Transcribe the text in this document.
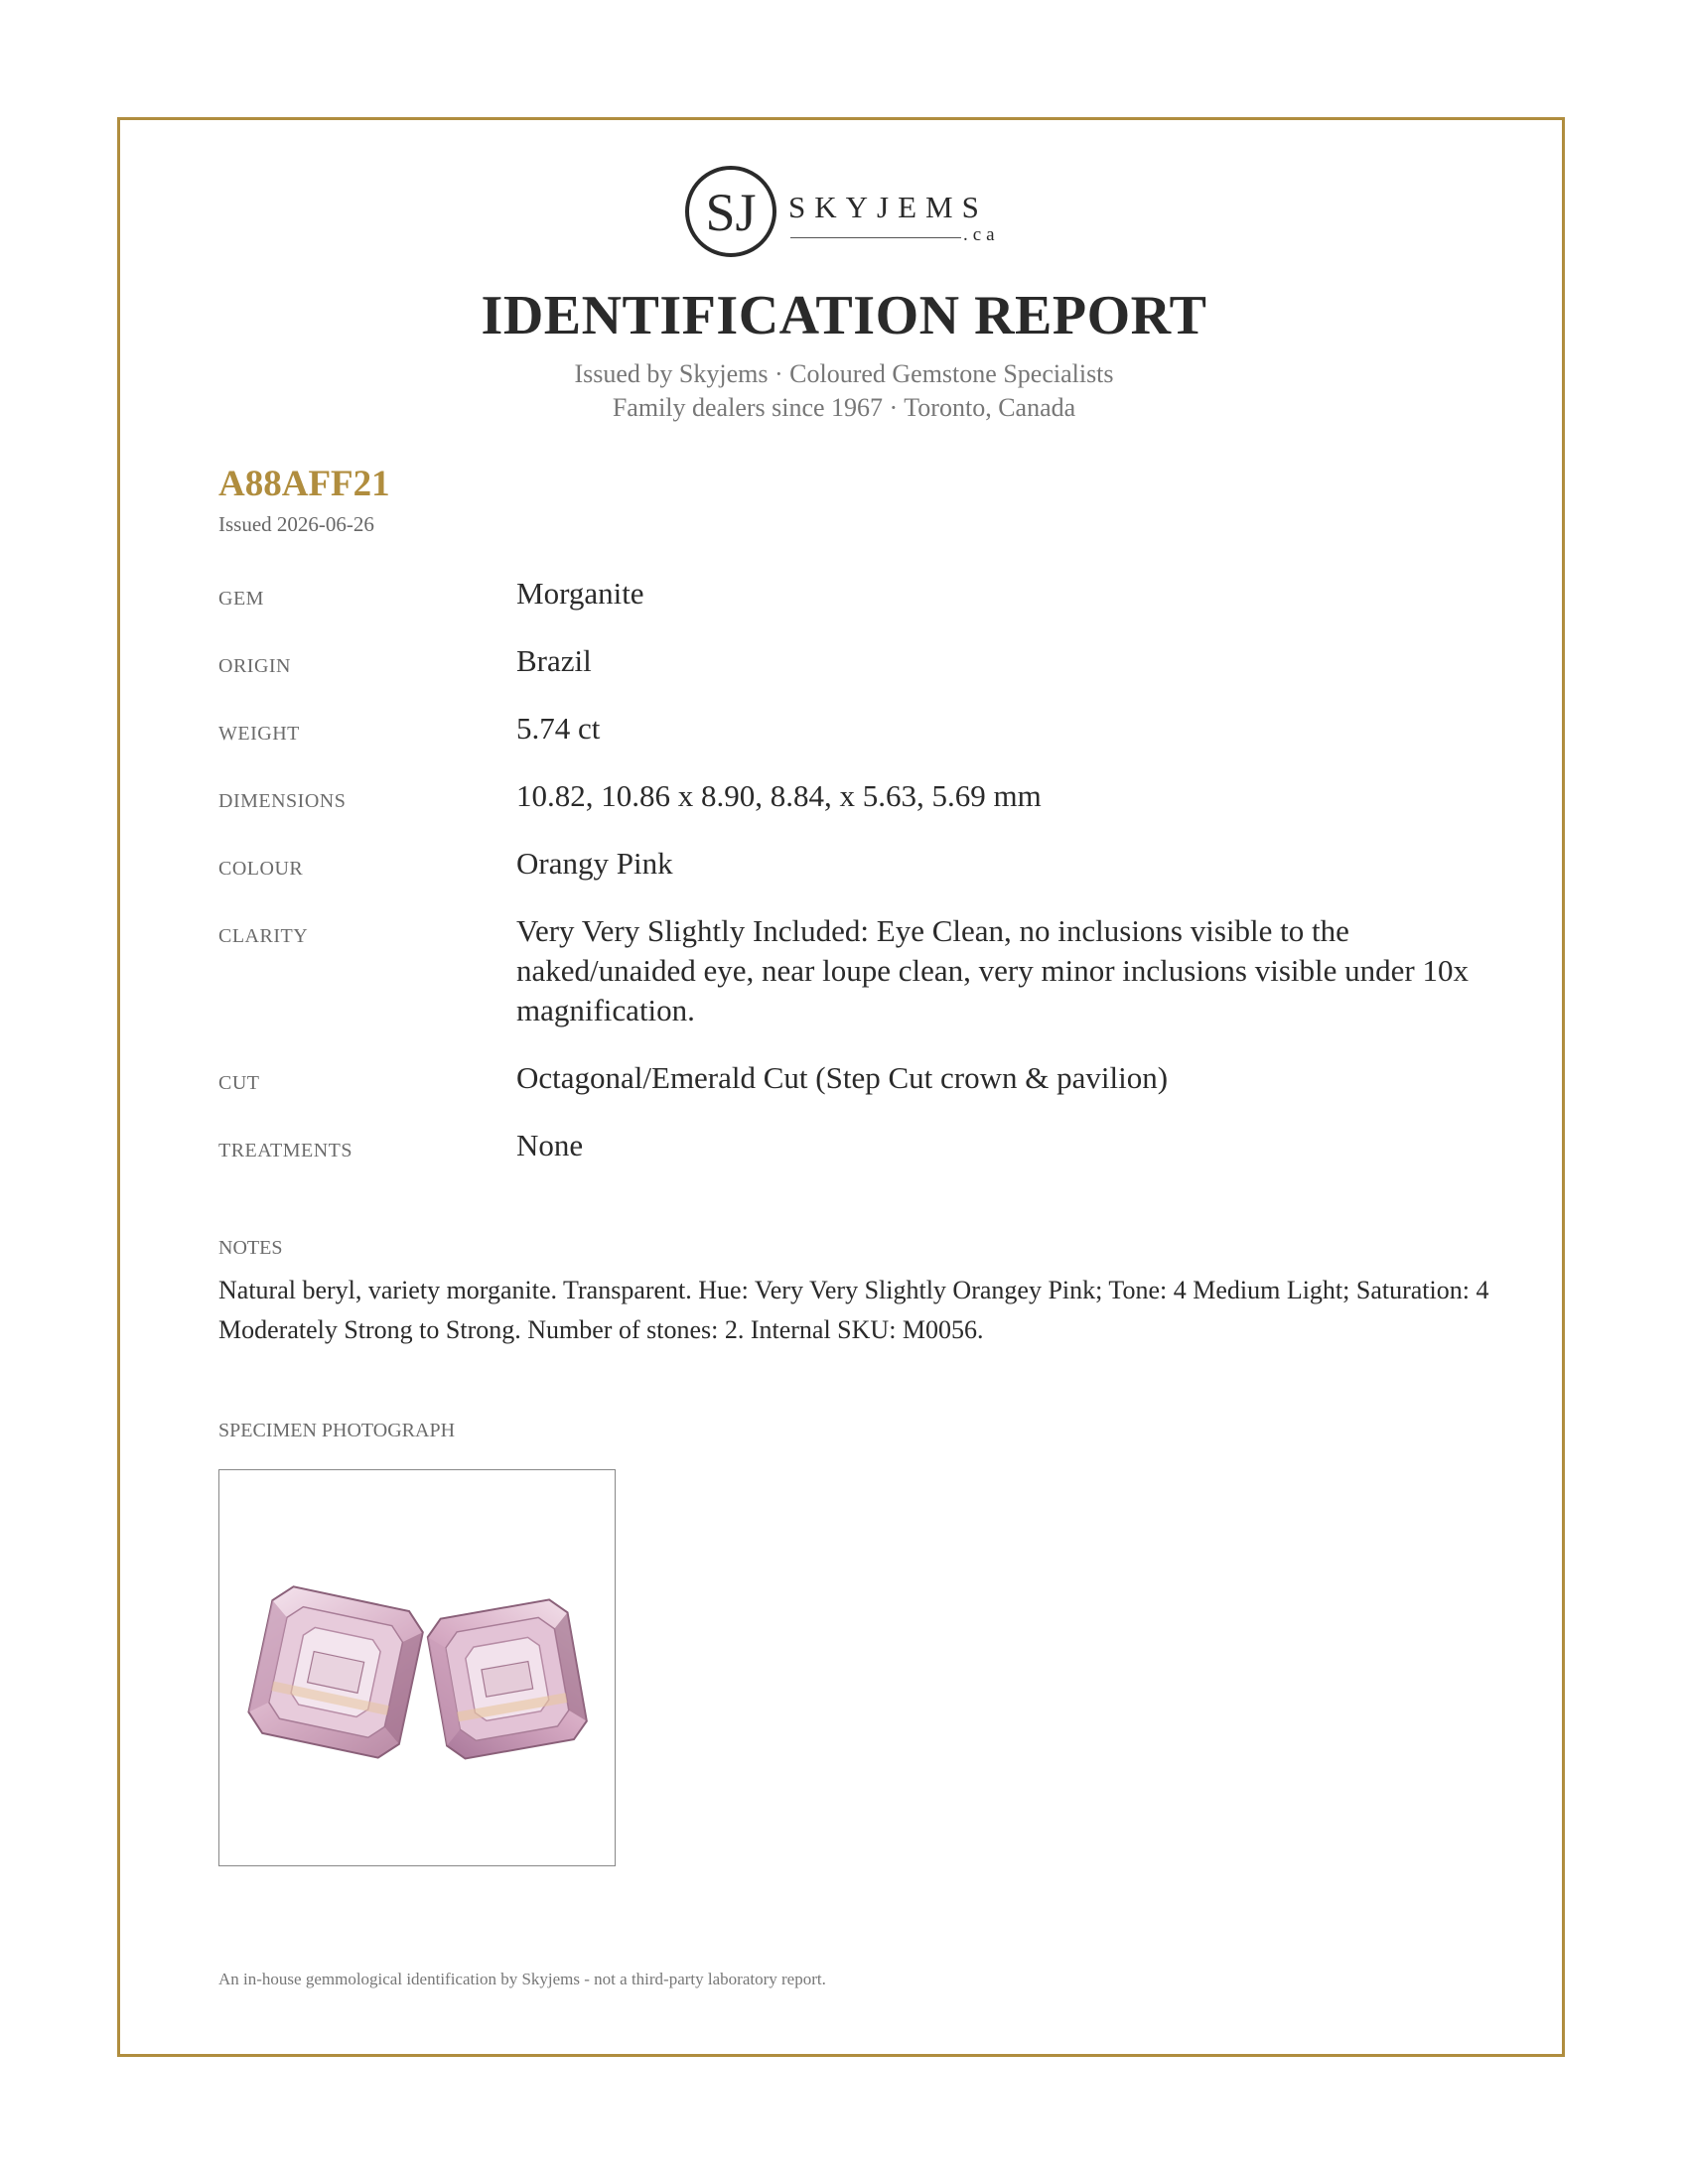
SJ SKYJEMS
.ca
IDENTIFICATION REPORT
Issued by Skyjems · Coloured Gemstone Specialists
Family dealers since 1967 · Toronto, Canada
A88AFF21
Issued 2026-06-26
GEM	Morganite
ORIGIN	Brazil
WEIGHT	5.74 ct
DIMENSIONS	10.82, 10.86 x 8.90, 8.84, x 5.63, 5.69 mm
COLOUR	Orangy Pink
CLARITY	Very Very Slightly Included: Eye Clean, no inclusions visible to the naked/unaided eye, near loupe clean, very minor inclusions visible under 10x magnification.
CUT	Octagonal/Emerald Cut (Step Cut crown & pavilion)
TREATMENTS	None
NOTES
Natural beryl, variety morganite. Transparent. Hue: Very Very Slightly Orangey Pink; Tone: 4 Medium Light; Saturation: 4 Moderately Strong to Strong. Number of stones: 2. Internal SKU: M0056.
SPECIMEN PHOTOGRAPH
An in-house gemmological identification by Skyjems - not a third-party laboratory report.
